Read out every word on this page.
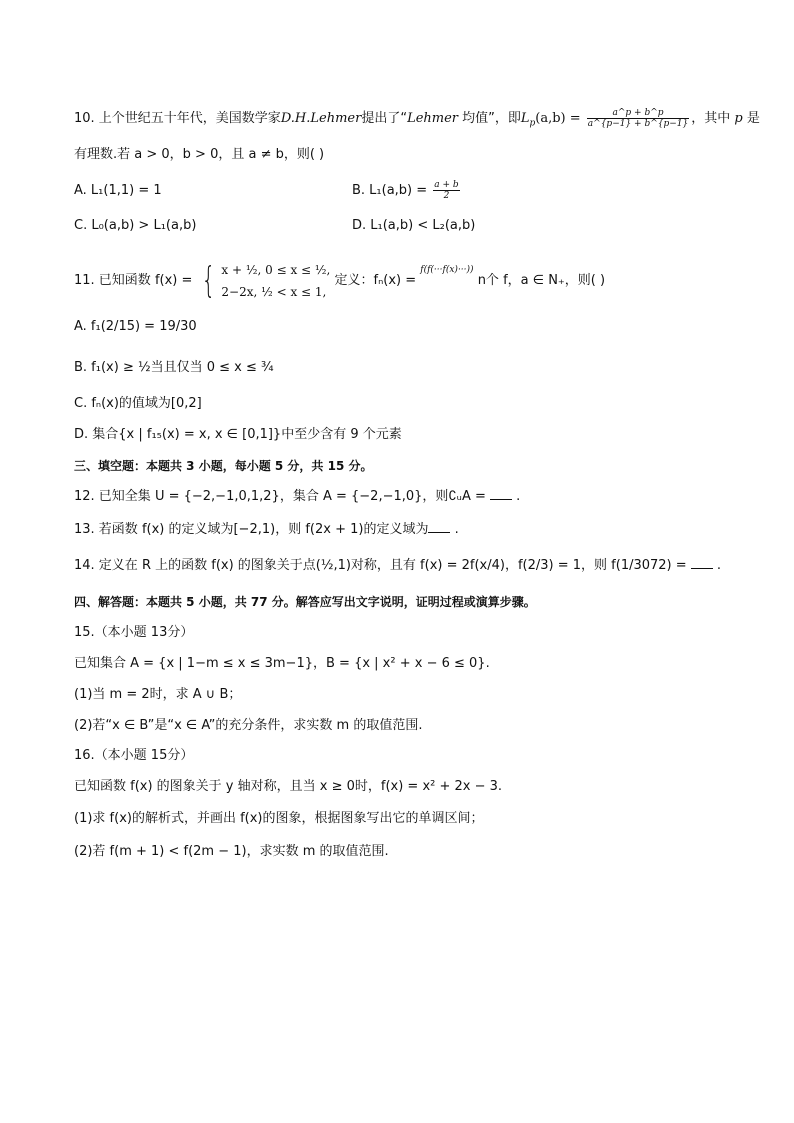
10. 上个世纪五十年代，美国数学家D.H.Lehmer提出了“Lehmer 均值”，即$L_p(a,b) = \frac{a\^{}p + b\^{}p}{a\^{}\{p-1\} + b\^{}\{p-1\}}$ ，其中 p 是
有理数.若 a > 0，b > 0，且 a ≠ b，则( )
A. L₁(1,1) = 1	B. $L_1(a,b) = \frac{a + b}{2}$
C. L₀(a,b) > L₁(a,b)	D. L₁(a,b) < L₂(a,b)
11. 已知函数 f(x) = { x + ½, 0 ≤ x ≤ ½,
2−2x, ½ < x ≤ 1,
定义：fₙ(x) = $^{f(f(\cdot\cdot\cdot f(x)\cdot\cdot\cdot))}$ n个 f，a ∈ N₊，则( )
A. f₁(2/15) = 19/30
B. f₁(x) ≥ ½当且仅当 0 ≤ x ≤ ¾
C. fₙ(x)的值域为[0,2]
D. 集合{x | f₁₅(x) = x, x ∈ [0,1]}中至少含有 9 个元素
三、填空题：本题共 3 小题，每小题 5 分，共 15 分。
12. 已知全集 U = {−2,−1,0,1,2}，集合 A = {−2,−1,0}，则∁ᵤA =  .
13. 若函数 f(x) 的定义域为[−2,1)，则 f(2x + 1)的定义域为 .
14. 定义在 R 上的函数 f(x) 的图象关于点(½,1)对称，且有 f(x) = 2f(x/4)，f(2/3) = 1，则 f(1/3072) =  .
四、解答题：本题共 5 小题，共 77 分。解答应写出文字说明，证明过程或演算步骤。
15.（本小题 13分）
已知集合 A = {x | 1−m ≤ x ≤ 3m−1}，B = {x | x² + x − 6 ≤ 0}.
(1)当 m = 2时，求 A ∪ B；
(2)若“x ∈ B”是“x ∈ A”的充分条件，求实数 m 的取值范围.
16.（本小题 15分）
已知函数 f(x) 的图象关于 y 轴对称，且当 x ≥ 0时，f(x) = x² + 2x − 3.
(1)求 f(x)的解析式，并画出 f(x)的图象，根据图象写出它的单调区间；
(2)若 f(m + 1) < f(2m − 1)，求实数 m 的取值范围.
